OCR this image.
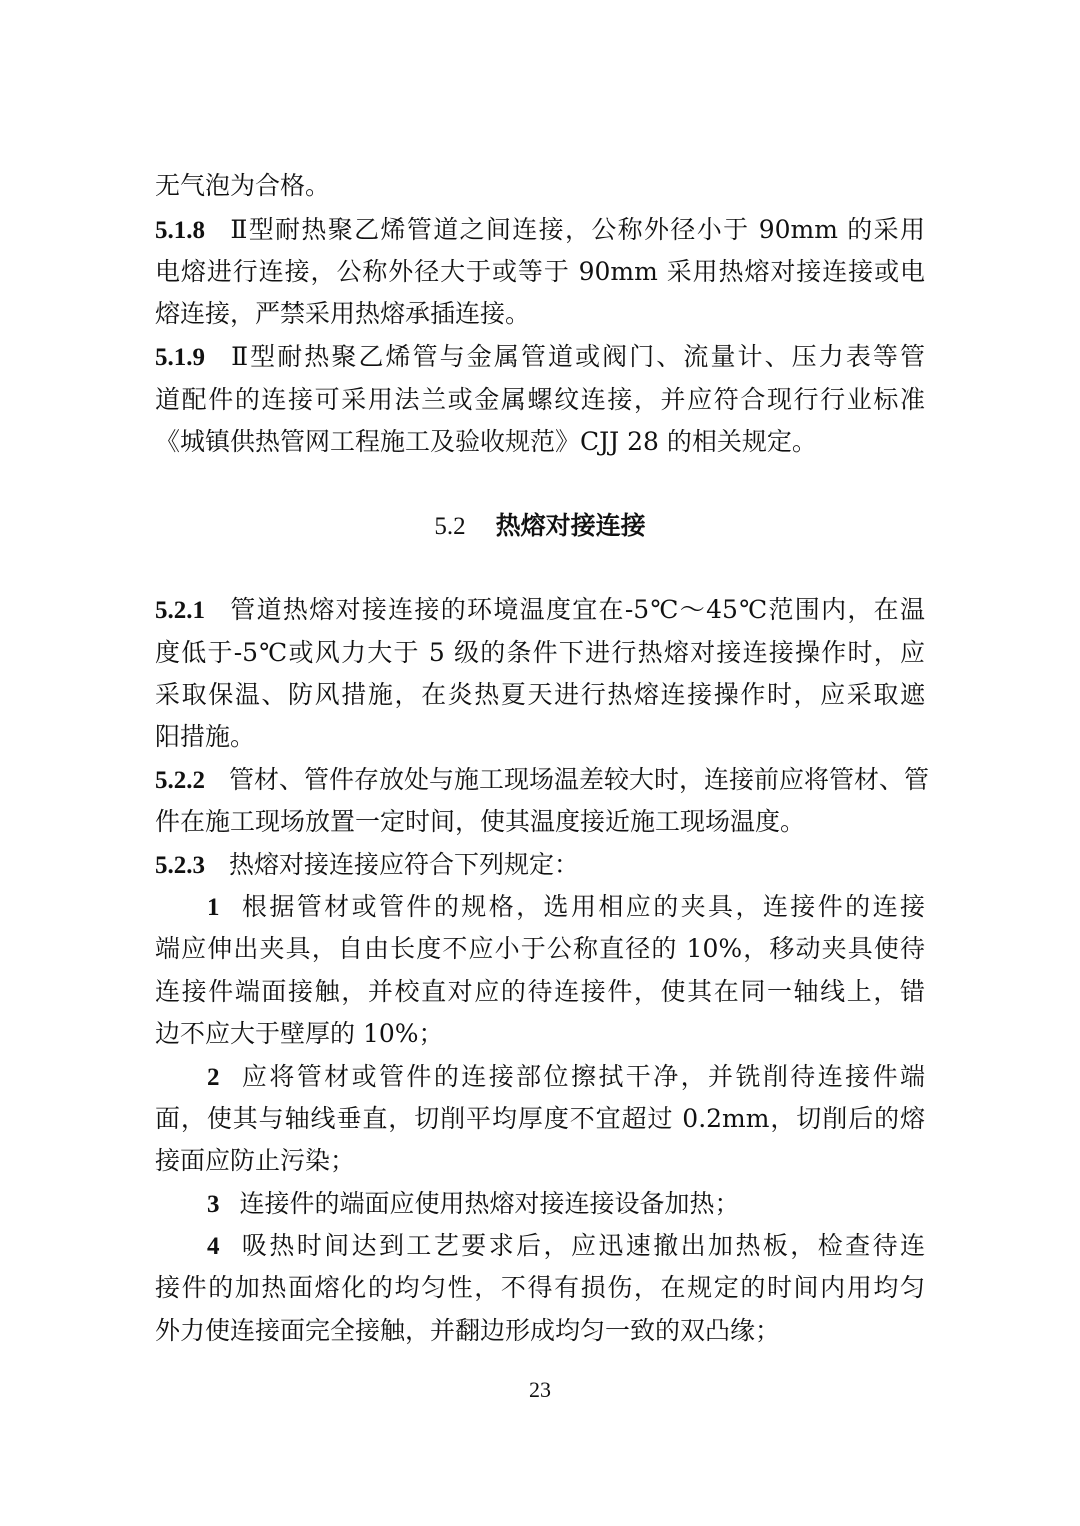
无气泡为合格。
5.1.8 Ⅱ型耐热聚乙烯管道之间连接，公称外径小于 90mm 的采用
电熔进行连接，公称外径大于或等于 90mm 采用热熔对接连接或电
熔连接，严禁采用热熔承插连接。
5.1.9 Ⅱ型耐热聚乙烯管与金属管道或阀门、流量计、压力表等管
道配件的连接可采用法兰或金属螺纹连接，并应符合现行行业标准
《城镇供热管网工程施工及验收规范》CJJ 28 的相关规定。
5.2 热熔对接连接
5.2.1 管道热熔对接连接的环境温度宜在-5℃～45℃范围内，在温
度低于-5℃或风力大于 5 级的条件下进行热熔对接连接操作时，应
采取保温、防风措施，在炎热夏天进行热熔连接操作时，应采取遮
阳措施。
5.2.2 管材、管件存放处与施工现场温差较大时，连接前应将管材、管
件在施工现场放置一定时间，使其温度接近施工现场温度。
5.2.3 热熔对接连接应符合下列规定：
1 根据管材或管件的规格，选用相应的夹具，连接件的连接
端应伸出夹具，自由长度不应小于公称直径的 10%，移动夹具使待
连接件端面接触，并校直对应的待连接件，使其在同一轴线上，错
边不应大于壁厚的 10%；
2 应将管材或管件的连接部位擦拭干净，并铣削待连接件端
面，使其与轴线垂直，切削平均厚度不宜超过 0.2mm，切削后的熔
接面应防止污染；
3 连接件的端面应使用热熔对接连接设备加热；
4 吸热时间达到工艺要求后，应迅速撤出加热板，检查待连
接件的加热面熔化的均匀性，不得有损伤，在规定的时间内用均匀
外力使连接面完全接触，并翻边形成均匀一致的双凸缘；
23
